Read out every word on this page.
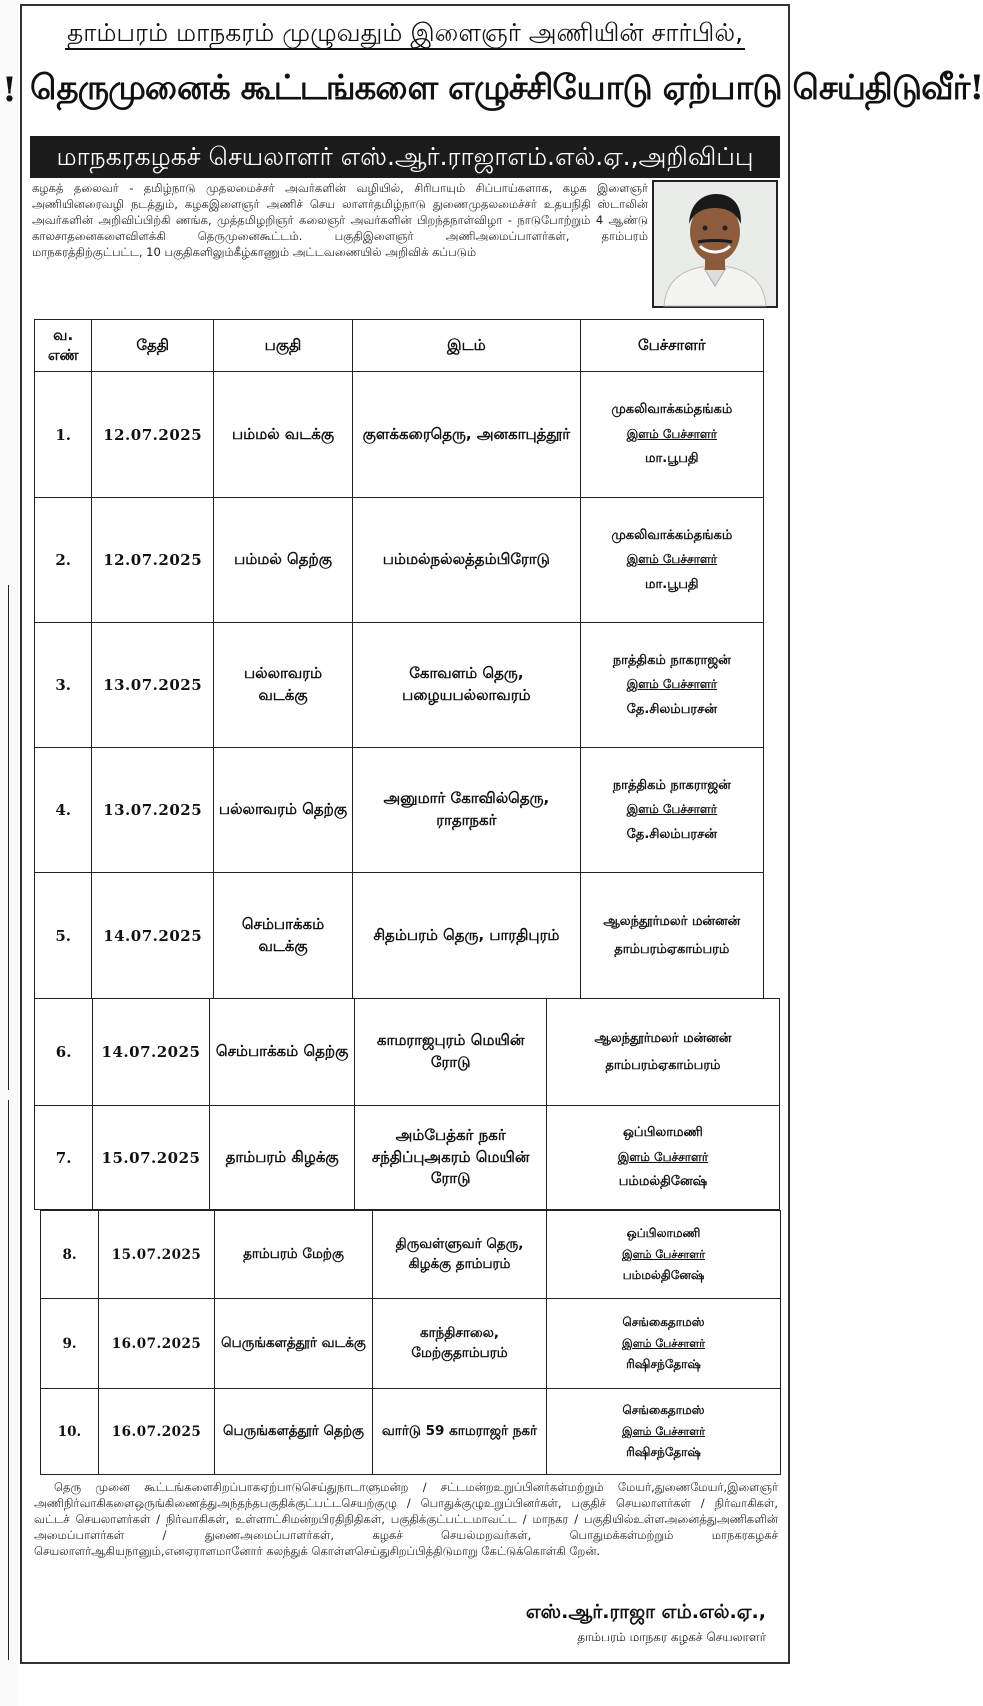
!
தாம்பரம் மாநகரம் முழுவதும் இளைஞர் அணியின் சார்பில்,
தெருமுனைக் கூட்டங்களை எழுச்சியோடு ஏற்பாடு செய்திடுவீர்!
மாநகரகழகச் செயலாளர் எஸ்.ஆர்.ராஜாஎம்.எல்.ஏ.,அறிவிப்பு
கழகத் தலைவர் - தமிழ்நாடு முதலமைச்சர் அவர்களின் வழியில், சிரிபாயும் சிப்பாய்களாக, கழக இளைஞர் அணியினரைவழி நடத்தும், கழகஇளைஞர் அணிச் செய லாளர்தமிழ்நாடு துணைமுதலமைச்சர் உதயநிதி ஸ்டாலின் அவர்களின் அறிவிப்பிற்கி ணங்க, முத்தமிழறிஞர் கலைஞர் அவர்களின் பிறந்தநாள்விழா - நாடுபோற்றும் 4 ஆண்டு காலசாதனைகளைவிளக்கி தெருமுனைகூட்டம். பகுதிஇளைஞர் அணிஅமைப்பாளர்கள், தாம்பரம் மாநகரத்திற்குட்பட்ட, 10 பகுதிகளிலும்கீழ்காணும் அட்டவணையில் அறிவிக் கப்படும்
வ. எண்	தேதி	பகுதி	இடம்	பேச்சாளர்
1.	12.07.2025	பம்மல் வடக்கு	குளக்கரைதெரு, அனகாபுத்தூர்	முகலிவாக்கம்தங்கம்
இளம் பேச்சாளர்
மா.பூபதி
2.	12.07.2025	பம்மல் தெற்கு	பம்மல்நல்லத்தம்பிரோடு	முகலிவாக்கம்தங்கம்
இளம் பேச்சாளர்
மா.பூபதி
3.	13.07.2025	பல்லாவரம் வடக்கு	கோவளம் தெரு, பழையபல்லாவரம்	நாத்திகம் நாகராஜன்
இளம் பேச்சாளர்
தே.சிலம்பரசன்
4.	13.07.2025	பல்லாவரம் தெற்கு	அனுமார் கோவில்தெரு, ராதாநகர்	நாத்திகம் நாகராஜன்
இளம் பேச்சாளர்
தே.சிலம்பரசன்
5.	14.07.2025	செம்பாக்கம் வடக்கு	சிதம்பரம் தெரு, பாரதிபுரம்	ஆலந்தூர்மலர் மன்னன்
தாம்பரம்ஏகாம்பரம்
6.	14.07.2025	செம்பாக்கம் தெற்கு	காமராஜபுரம் மெயின் ரோடு	ஆலந்தூர்மலர் மன்னன்
தாம்பரம்ஏகாம்பரம்
7.	15.07.2025	தாம்பரம் கிழக்கு	அம்பேத்கர் நகர் சந்திப்புஅகரம் மெயின் ரோடு	ஒப்பிலாமணி
இளம் பேச்சாளர்
பம்மல்தினேஷ்
8.	15.07.2025	தாம்பரம் மேற்கு	திருவள்ளுவர் தெரு, கிழக்கு தாம்பரம்	ஒப்பிலாமணி
இளம் பேச்சாளர்
பம்மல்தினேஷ்
9.	16.07.2025	பெருங்களத்தூர் வடக்கு	காந்திசாலை, மேற்குதாம்பரம்	செங்கைதாமஸ்
இளம் பேச்சாளர்
ரிஷிசந்தோஷ்
10.	16.07.2025	பெருங்களத்தூர் தெற்கு	வார்டு 59 காமராஜர் நகர்	செங்கைதாமஸ்
இளம் பேச்சாளர்
ரிஷிசந்தோஷ்
தெரு முனை கூட்டங்களைசிறப்பாகஏற்பாடுசெய்துநாடாளுமன்ற / சட்டமன்றஉறுப்பினர்கள்மற்றும் மேயர்,துணைமேயர்,இளைஞர் அணிநிர்வாகிகளைஒருங்கிணைத்துஅந்தந்தபகுதிக்குட்பட்டசெயற்குழு / பொதுக்குழுஉறுப்பினர்கள், பகுதிச் செயலாளர்கள் / நிர்வாகிகள், வட்டச் செயலாளர்கள் / நிர்வாகிகள், உள்ளாட்சிமன்றபிரதிநிதிகள், பகுதிக்குட்பட்டமாவட்ட / மாநகர / பகுதியில்உள்ளஅனைத்துஅணிகளின் அமைப்பாளர்கள் / துணைஅமைப்பாளர்கள், கழகச் செயல்மறவர்கள், பொதுமக்கள்மற்றும் மாநகரகழகச் செயலாளர்ஆகியநானும்,எனஏராளமானோர் கலந்துக் கொள்ளசெய்துசிறப்பித்திடுமாறு கேட்டுக்கொள்கி றேன்.
எஸ்.ஆர்.ராஜா எம்.எல்.ஏ.,
தாம்பரம் மாநகர கழகச் செயலாளர்
